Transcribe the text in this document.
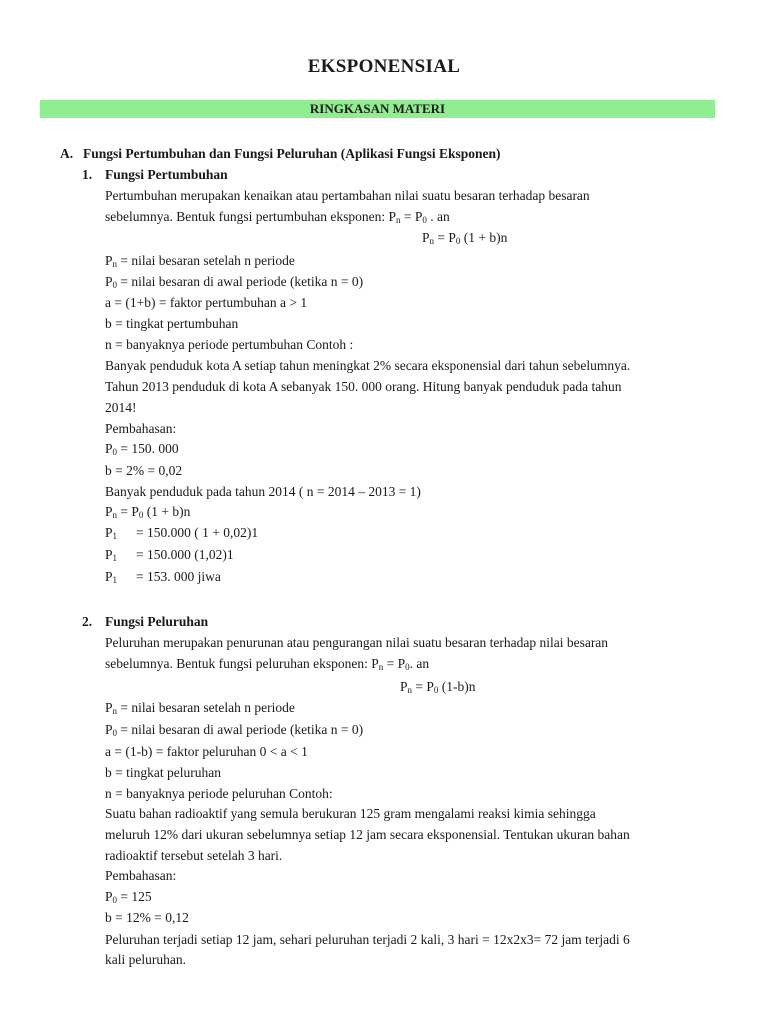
EKSPONENSIAL
RINGKASAN MATERI
A. Fungsi Pertumbuhan dan Fungsi Peluruhan (Aplikasi Fungsi Eksponen)
1. Fungsi Pertumbuhan
Pertumbuhan merupakan kenaikan atau pertambahan nilai suatu besaran terhadap besaran
sebelumnya. Bentuk fungsi pertumbuhan eksponen: $P_n = P_0$ . an
$P_n = P_0$ (1 + b)n
$P_n$ = nilai besaran setelah n periode
$P_0$ = nilai besaran di awal periode (ketika n = 0)
a = (1+b) = faktor pertumbuhan a > 1
b = tingkat pertumbuhan
n = banyaknya periode pertumbuhan Contoh :
Banyak penduduk kota A setiap tahun meningkat 2% secara eksponensial dari tahun sebelumnya.
Tahun 2013 penduduk di kota A sebanyak 150. 000 orang. Hitung banyak penduduk pada tahun
2014!
Pembahasan:
$P_0 = 150$. 000
b = 2% = 0,02
Banyak penduduk pada tahun 2014 ( n = 2014 – 2013 = 1)
$P_n = P_0$ (1 + b)n
$P_1 = 150.000$ ( 1 + 0,02)1
$P_1 = 150.000$ (1,02)1
$P_1 = 153$. 000 jiwa
2. Fungsi Peluruhan
Peluruhan merupakan penurunan atau pengurangan nilai suatu besaran terhadap nilai besaran
sebelumnya. Bentuk fungsi peluruhan eksponen: $P_n = P_0$. an
$P_n = P_0$ (1-b)n
$P_n$ = nilai besaran setelah n periode
$P_0$ = nilai besaran di awal periode (ketika n = 0)
a = (1-b) = faktor peluruhan 0 < a < 1
b = tingkat peluruhan
n = banyaknya periode peluruhan Contoh:
Suatu bahan radioaktif yang semula berukuran 125 gram mengalami reaksi kimia sehingga
meluruh 12% dari ukuran sebelumnya setiap 12 jam secara eksponensial. Tentukan ukuran bahan
radioaktif tersebut setelah 3 hari.
Pembahasan:
$P_0 = 125$
b = 12% = 0,12
Peluruhan terjadi setiap 12 jam, sehari peluruhan terjadi 2 kali, 3 hari = 12x2x3= 72 jam terjadi 6
kali peluruhan.
